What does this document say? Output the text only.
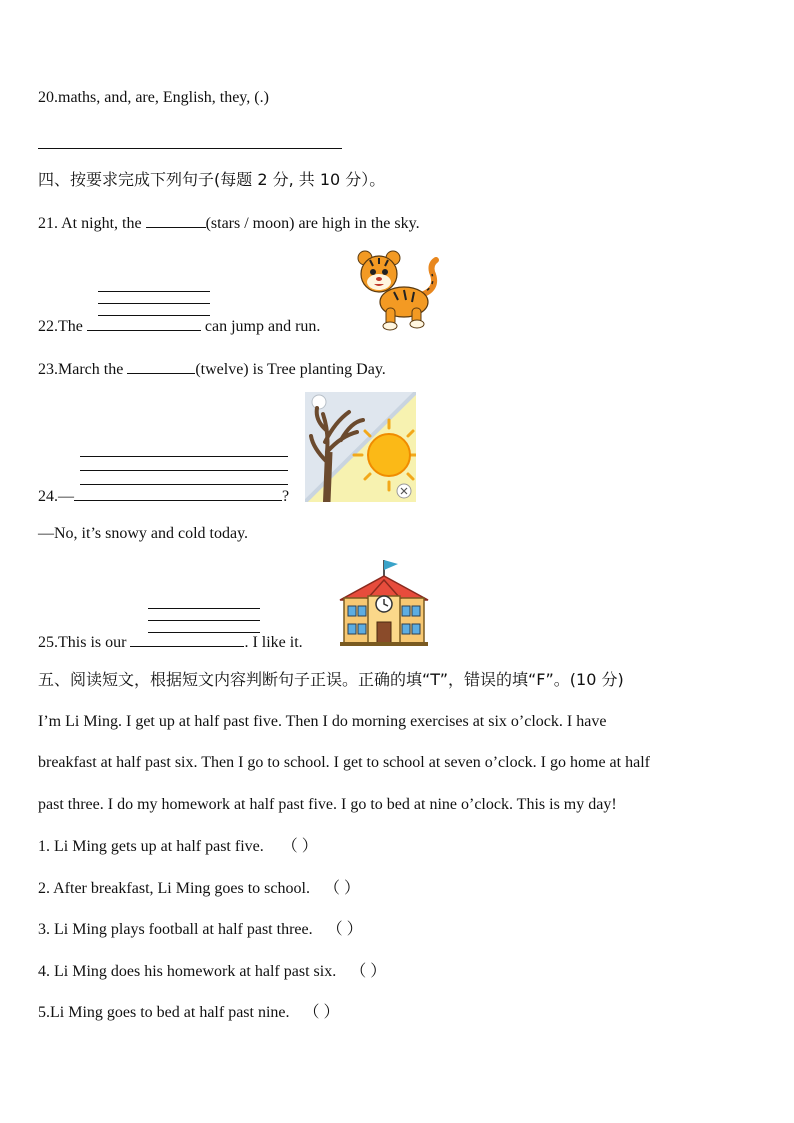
20.maths, and, are, English, they, (.)
四、按要求完成下列句子(每题 2 分, 共 10 分）。
21. At night, the	(stars / moon) are high in the sky.
22.The	can jump and run.
23.March the	(twelve) is Tree planting Day.
24.—	?
—No, it’s snowy and cold today.
25.This is our	. I like it.
五、阅读短文，根据短文内容判断句子正误。正确的填“T”，错误的填“F”。(10 分)
I’m Li Ming. I get up at half past five. Then I do morning exercises at six o’clock. I have
breakfast at half past six. Then I go to school. I get to school at seven o’clock. I go home at half
past three. I do my homework at half past five. I go to bed at nine o’clock. This is my day!
1. Li Ming gets up at half past five. （ ）
2. After breakfast, Li Ming goes to school. （ ）
3. Li Ming plays football at half past three. （ ）
4. Li Ming does his homework at half past six. （ ）
5.Li Ming goes to bed at half past nine. （ ）
